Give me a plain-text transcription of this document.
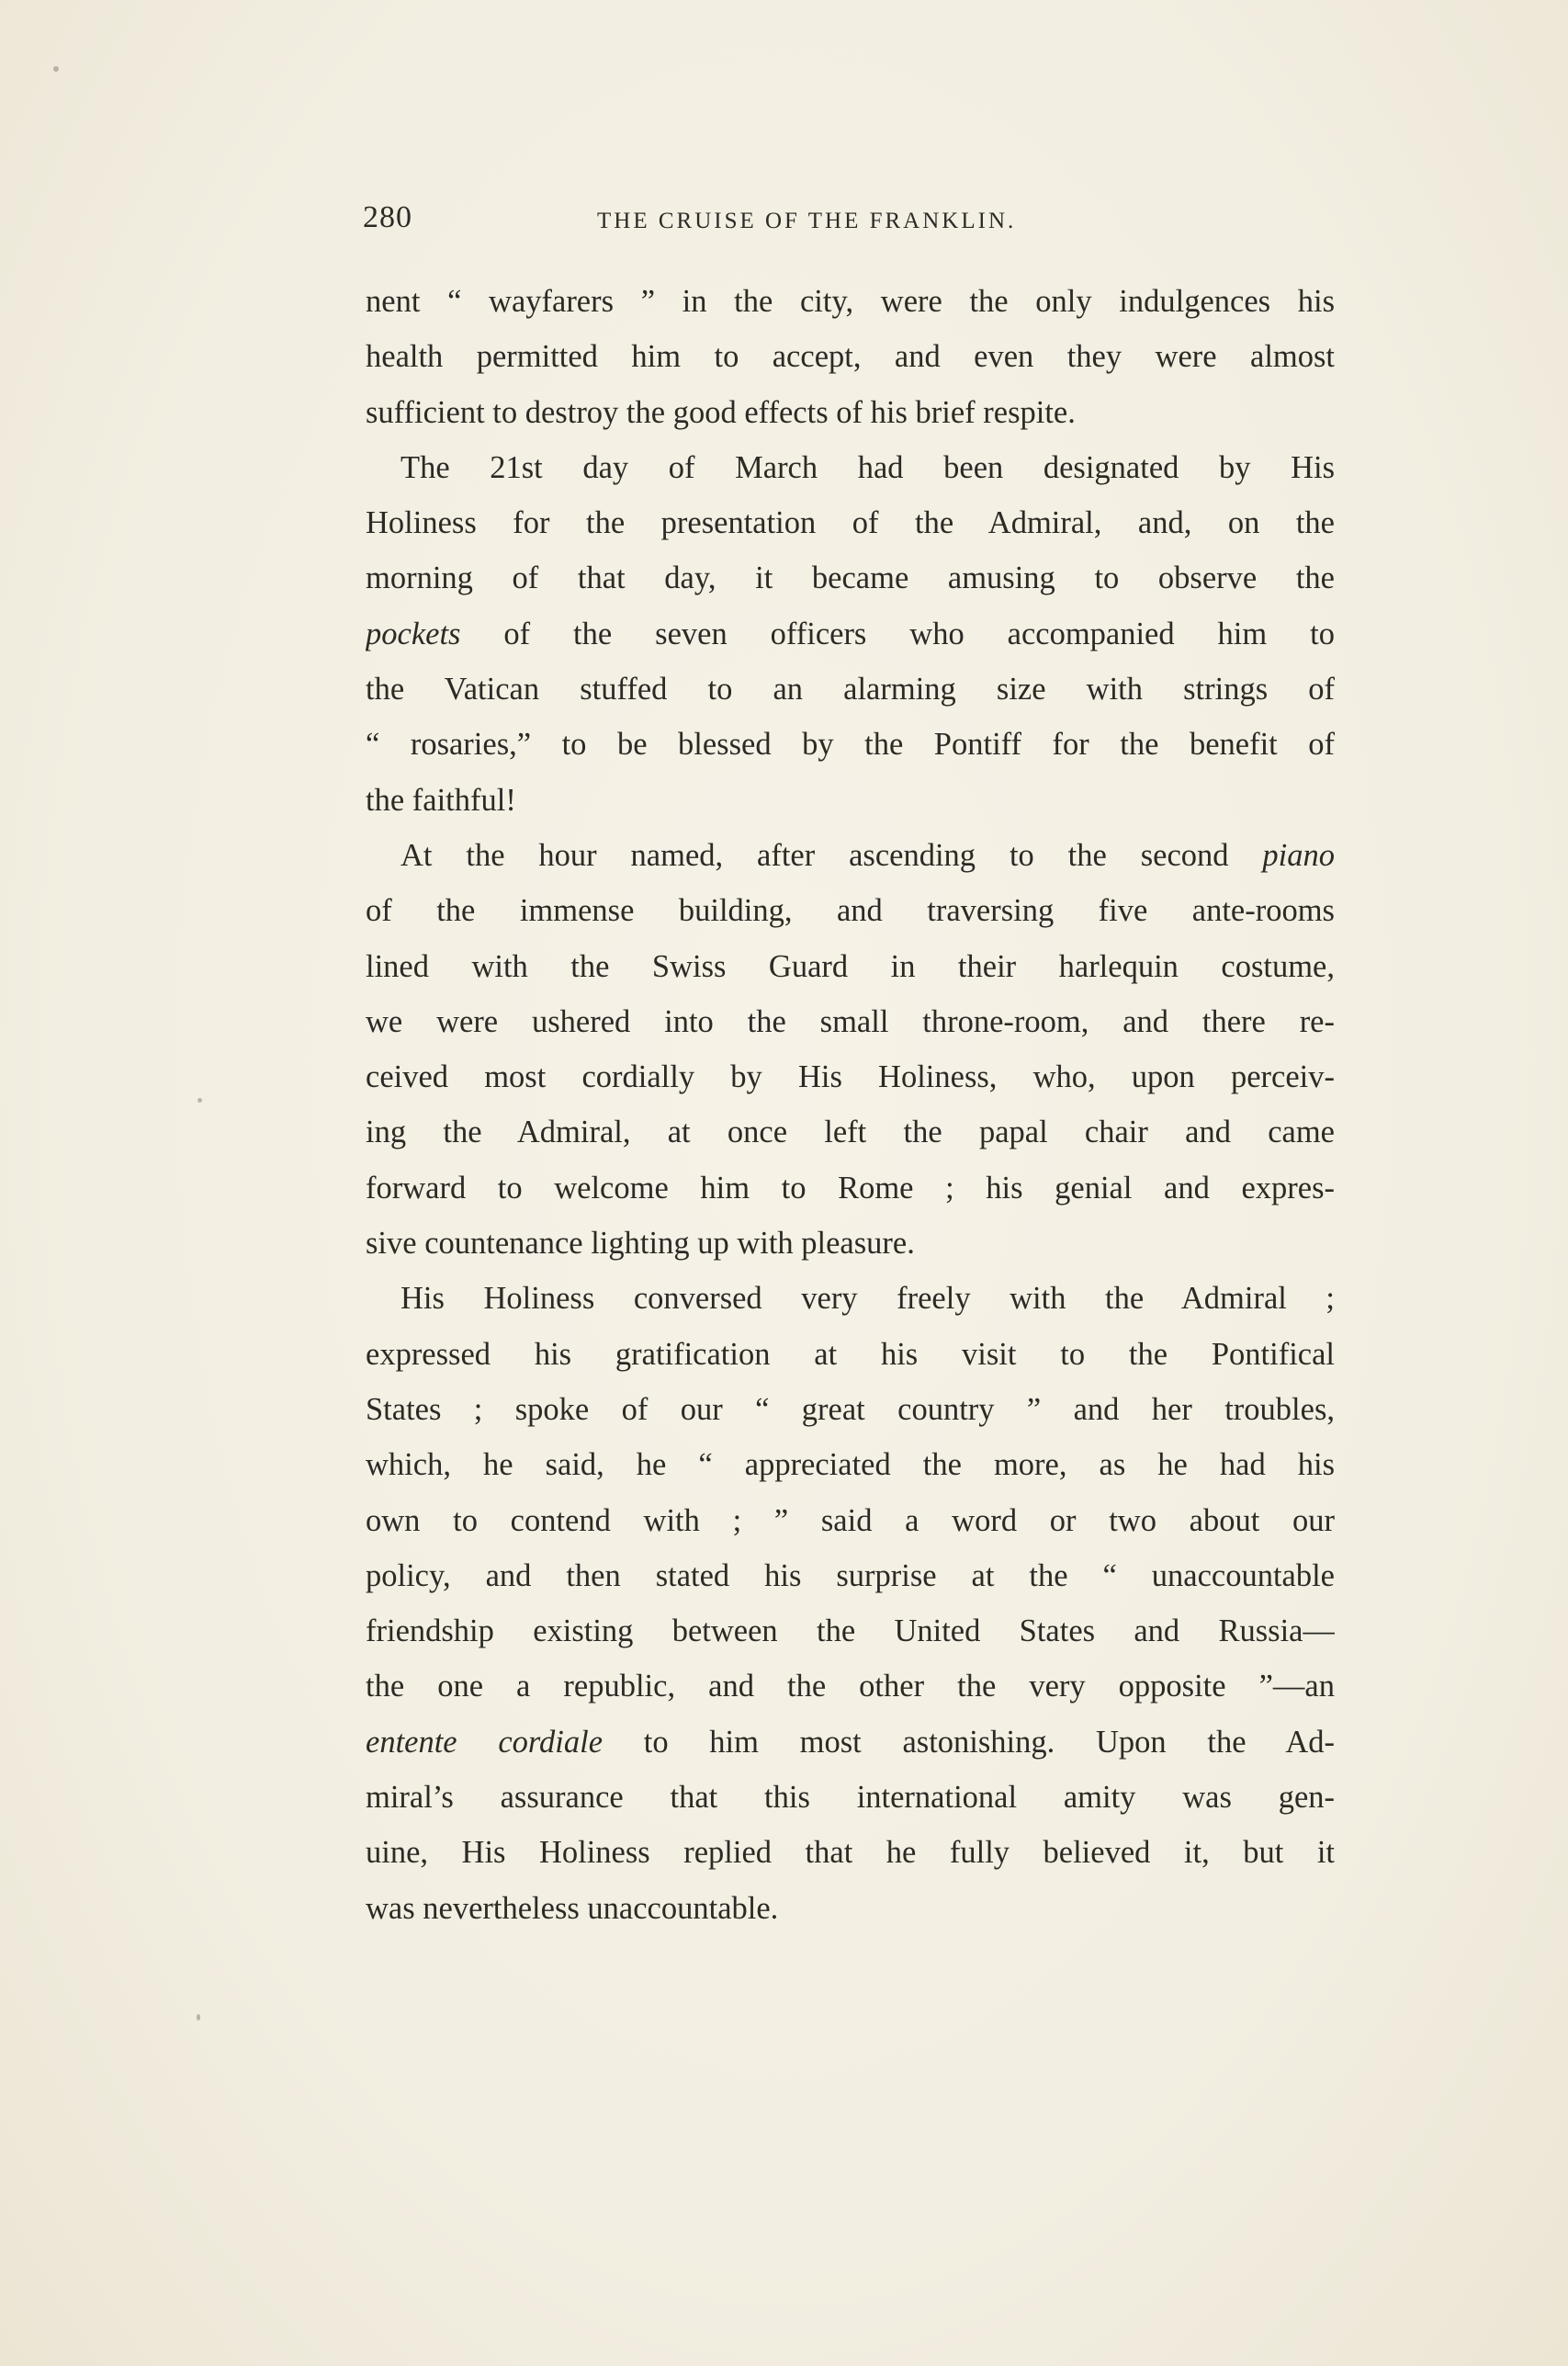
280	THE CRUISE OF THE FRANKLIN.
nent “ wayfarers ” in the city, were the only indulgences his
health permitted him to accept, and even they were almost
sufficient to destroy the good effects of his brief respite.
The 21st day of March had been designated by His
Holiness for the presentation of the Admiral, and, on the
morning of that day, it became amusing to observe the
pockets of the seven officers who accompanied him to
the Vatican stuffed to an alarming size with strings of
“ rosaries,” to be blessed by the Pontiff for the benefit of
the faithful!
At the hour named, after ascending to the second piano
of the immense building, and traversing five ante-rooms
lined with the Swiss Guard in their harlequin costume,
we were ushered into the small throne-room, and there re-
ceived most cordially by His Holiness, who, upon perceiv-
ing the Admiral, at once left the papal chair and came
forward to welcome him to Rome ; his genial and expres-
sive countenance lighting up with pleasure.
His Holiness conversed very freely with the Admiral ;
expressed his gratification at his visit to the Pontifical
States ; spoke of our “ great country ” and her troubles,
which, he said, he “ appreciated the more, as he had his
own to contend with ; ” said a word or two about our
policy, and then stated his surprise at the “ unaccountable
friendship existing between the United States and Russia—
the one a republic, and the other the very opposite ”—an
entente cordiale to him most astonishing. Upon the Ad-
miral’s assurance that this international amity was gen-
uine, His Holiness replied that he fully believed it, but it
was nevertheless unaccountable.
